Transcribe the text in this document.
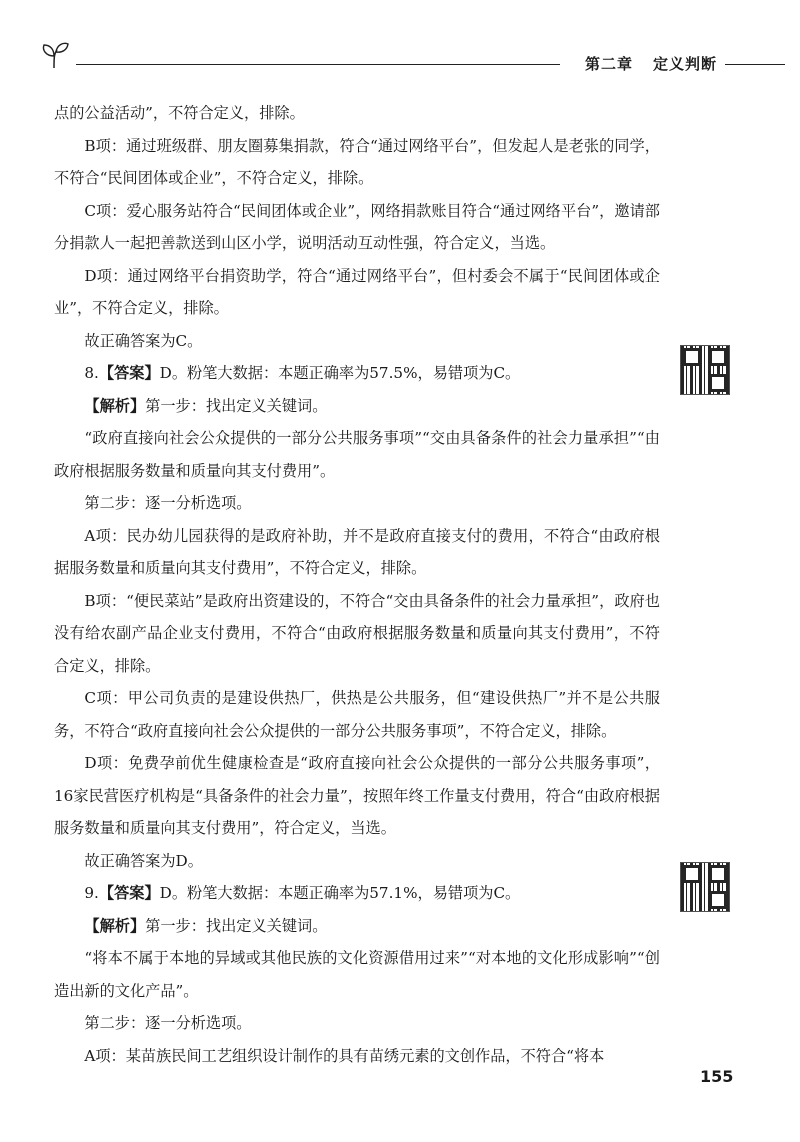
第二章 定义判断

点的公益活动”，不符合定义，排除。

B项：通过班级群、朋友圈募集捐款，符合“通过网络平台”，但发起人是老张的同学，不符合“民间团体或企业”，不符合定义，排除。

C项：爱心服务站符合“民间团体或企业”，网络捐款账目符合“通过网络平台”，邀请部分捐款人一起把善款送到山区小学，说明活动互动性强，符合定义，当选。

D项：通过网络平台捐资助学，符合“通过网络平台”，但村委会不属于“民间团体或企业”，不符合定义，排除。

故正确答案为C。

8.【答案】D。粉笔大数据：本题正确率为57.5%，易错项为C。

【解析】第一步：找出定义关键词。

“政府直接向社会公众提供的一部分公共服务事项”“交由具备条件的社会力量承担”“由政府根据服务数量和质量向其支付费用”。

第二步：逐一分析选项。

A项：民办幼儿园获得的是政府补助，并不是政府直接支付的费用，不符合“由政府根据服务数量和质量向其支付费用”，不符合定义，排除。

B项：“便民菜站”是政府出资建设的，不符合“交由具备条件的社会力量承担”，政府也没有给农副产品企业支付费用，不符合“由政府根据服务数量和质量向其支付费用”，不符合定义，排除。

C项：甲公司负责的是建设供热厂，供热是公共服务，但“建设供热厂”并不是公共服务，不符合“政府直接向社会公众提供的一部分公共服务事项”，不符合定义，排除。

D项：免费孕前优生健康检查是“政府直接向社会公众提供的一部分公共服务事项”，16家民营医疗机构是“具备条件的社会力量”，按照年终工作量支付费用，符合“由政府根据服务数量和质量向其支付费用”，符合定义，当选。

故正确答案为D。

9.【答案】D。粉笔大数据：本题正确率为57.1%，易错项为C。

【解析】第一步：找出定义关键词。

“将本不属于本地的异域或其他民族的文化资源借用过来”“对本地的文化形成影响”“创造出新的文化产品”。

第二步：逐一分析选项。

A项：某苗族民间工艺组织设计制作的具有苗绣元素的文创作品，不符合“将本

155
